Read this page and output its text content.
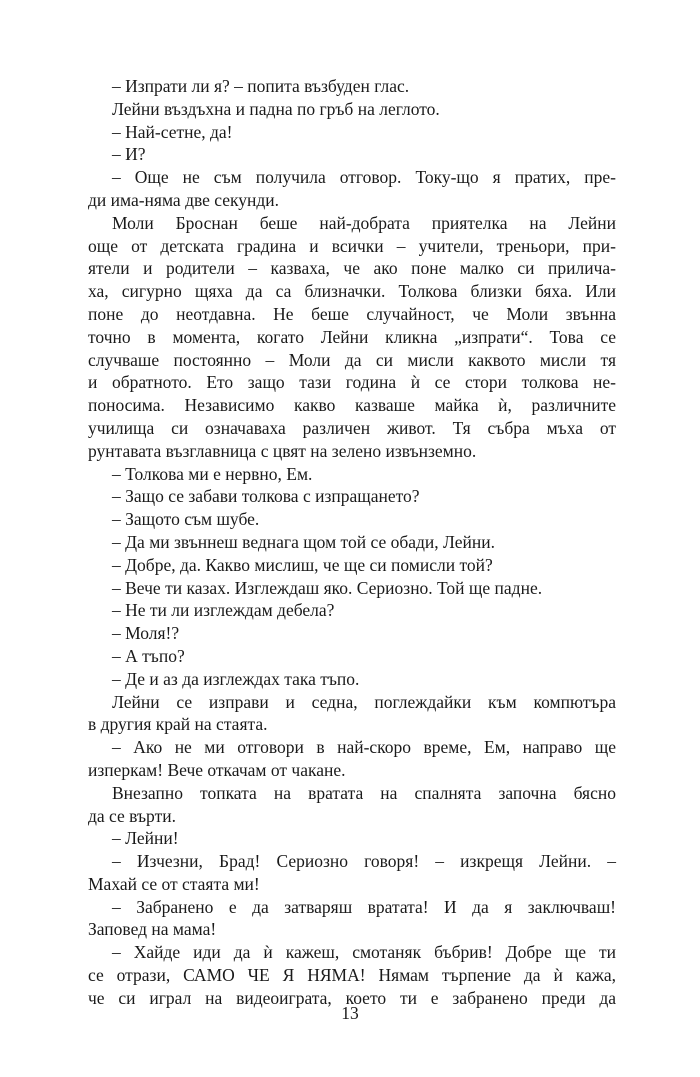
– Изпрати ли я? – попита възбуден глас.
Лейни въздъхна и падна по гръб на леглото.
– Най-сетне, да!
– И?
– Още не съм получила отговор. Току-що я пратих, пре-
ди има-няма две секунди.
Моли Броснан беше най-добрата приятелка на Лейни
още от детската градина и всички – учители, треньори, при-
ятели и родители – казваха, че ако поне малко си прилича-
ха, сигурно щяха да са близначки. Толкова близки бяха. Или
поне до неотдавна. Не беше случайност, че Моли звънна
точно в момента, когато Лейни кликна „изпрати“. Това се
случваше постоянно – Моли да си мисли каквото мисли тя
и обратното. Ето защо тази година ѝ се стори толкова не-
поносима. Независимо какво казваше майка ѝ, различните
училища си означаваха различен живот. Тя събра мъха от
рунтавата възглавница с цвят на зелено извънземно.
– Толкова ми е нервно, Ем.
– Защо се забави толкова с изпращането?
– Защото съм шубе.
– Да ми звъннеш веднага щом той се обади, Лейни.
– Добре, да. Какво мислиш, че ще си помисли той?
– Вече ти казах. Изглеждаш яко. Сериозно. Той ще падне.
– Не ти ли изглеждам дебела?
– Моля!?
– А тъпо?
– Де и аз да изглеждах така тъпо.
Лейни се изправи и седна, поглеждайки към компютъра
в другия край на стаята.
– Ако не ми отговори в най-скоро време, Ем, направо ще
изперкам! Вече откачам от чакане.
Внезапно топката на вратата на спалнята започна бясно
да се върти.
– Лейни!
– Изчезни, Брад! Сериозно говоря! – изкрещя Лейни. –
Махай се от стаята ми!
– Забранено е да затваряш вратата! И да я заключваш!
Заповед на мама!
– Хайде иди да ѝ кажеш, смотаняк бъбрив! Добре ще ти
се отрази, САМО ЧЕ Я НЯМА! Нямам търпение да ѝ кажа,
че си играл на видеоиграта, което ти е забранено преди да
13
